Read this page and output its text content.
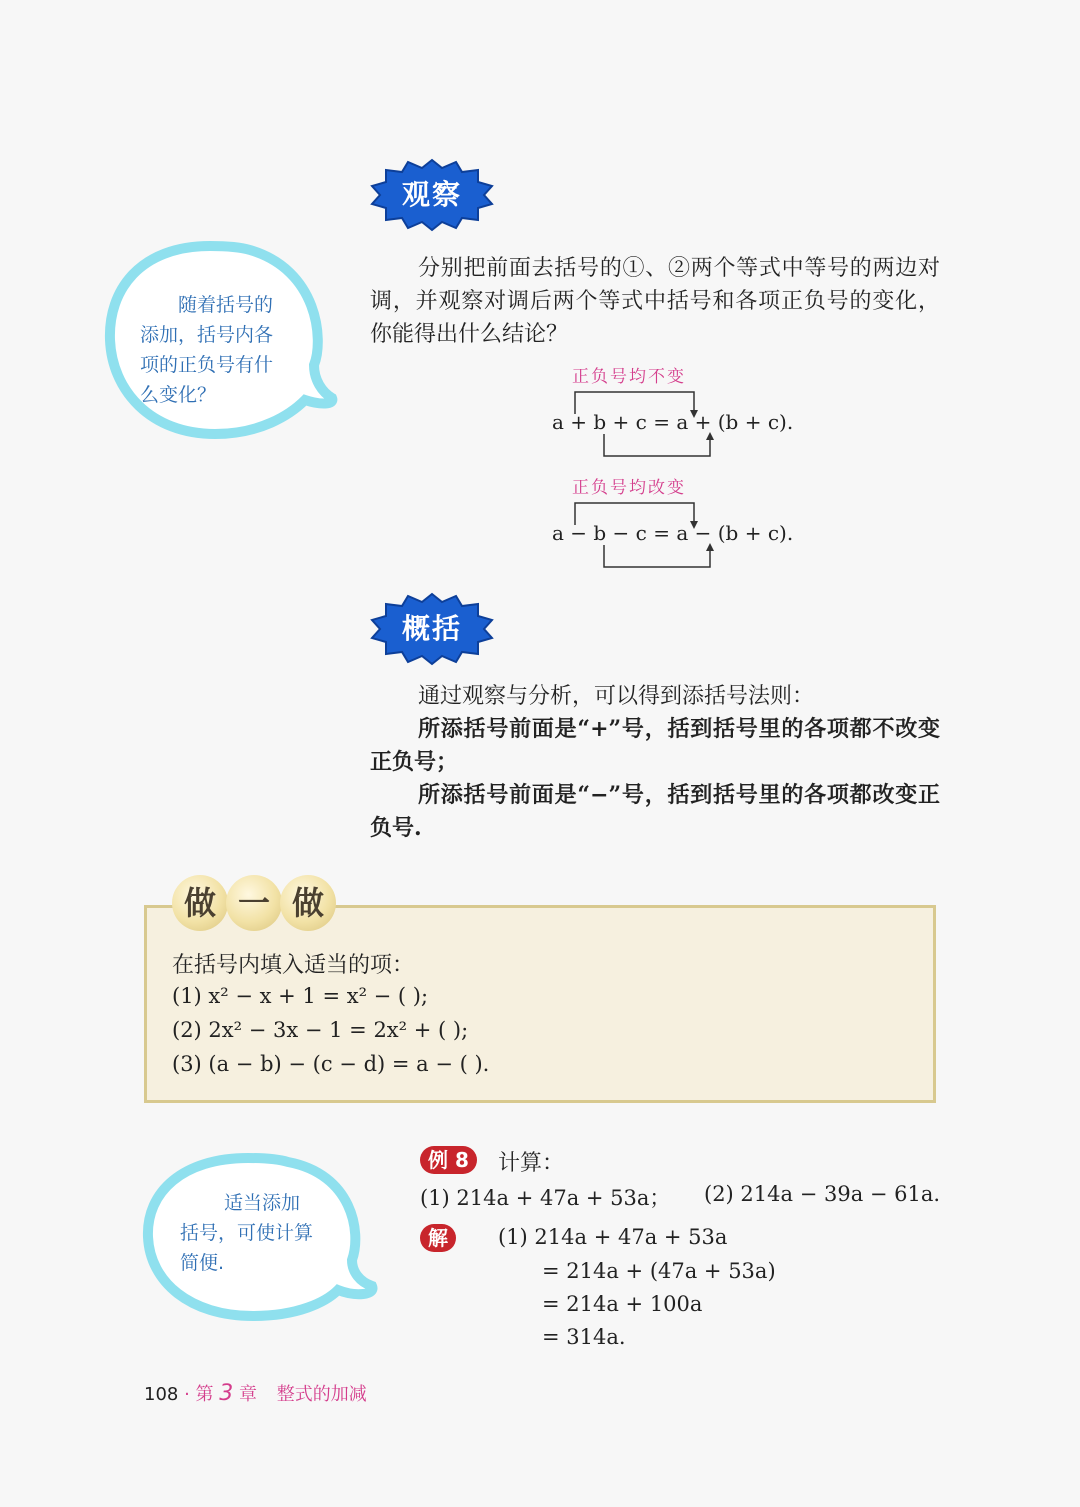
观察
随着括号的
添加，括号内各
项的正负号有什
么变化？

分别把前面去括号的①、②两个等式中等号的两边对调，并观察对调后两个等式中括号和各项正负号的变化，你能得出什么结论？

正负号均不变
a + b + c = a + (b + c).
正负号均改变
a − b − c = a − (b + c).
概括

通过观察与分析，可以得到添括号法则：

所添括号前面是“+”号，括到括号里的各项都不改变正负号；

所添括号前面是“−”号，括到括号里的各项都改变正负号.

做 一 做
在括号内填入适当的项：
(1) x² − x + 1 = x² − ( );
(2) 2x² − 3x − 1 = 2x² + ( );
(3) (a − b) − (c − d) = a − ( ).
适当添加
括号，可使计算
简便.
例 8	计算：
(1) 214a + 47a + 53a； (2) 214a − 39a − 61a.
解	(1) 214a + 47a + 53a
= 214a + (47a + 53a)
= 214a + 100a
= 314a.
108 · 第 3 章 整式的加减
